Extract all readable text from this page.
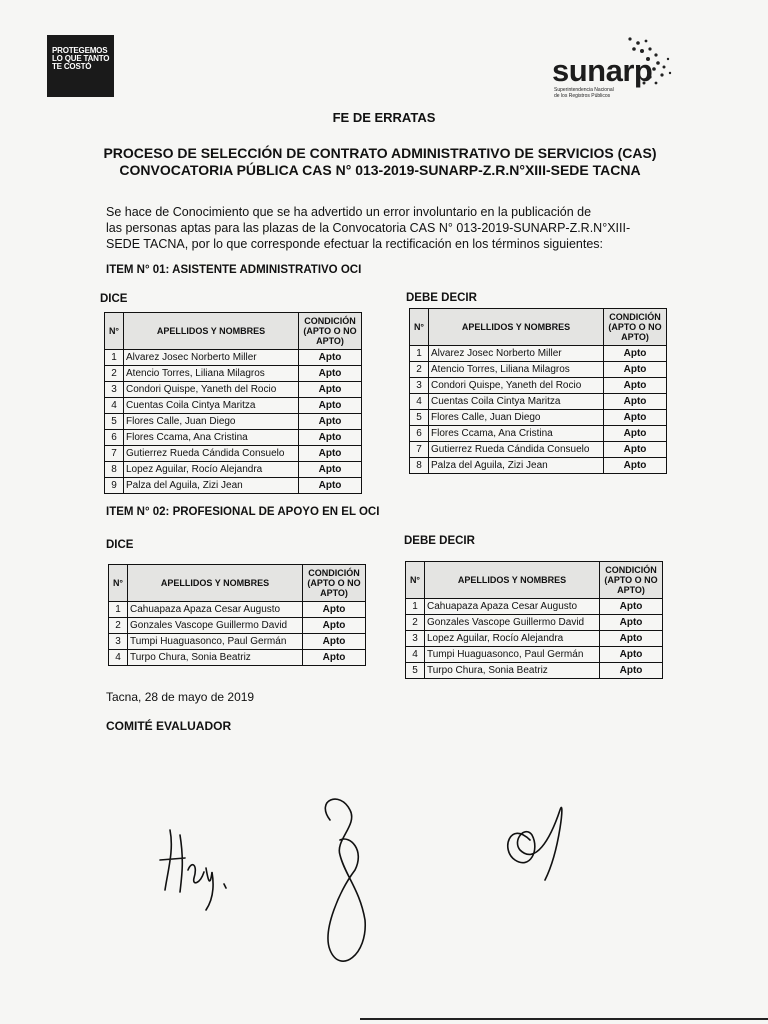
PROTEGEMOS
LO QUE TANTO
TE COSTÓ	sunarp
Superintendencia Nacional
de los Registros Públicos
FE DE ERRATAS
PROCESO DE SELECCIÓN DE CONTRATO ADMINISTRATIVO DE SERVICIOS (CAS)
CONVOCATORIA PÚBLICA CAS N° 013-2019-SUNARP-Z.R.N°XIII-SEDE TACNA
Se hace de Conocimiento que se ha advertido un error involuntario en la publicación de
las personas aptas para las plazas de la Convocatoria CAS N° 013-2019-SUNARP-Z.R.N°XIII-
SEDE TACNA, por lo que corresponde efectuar la rectificación en los términos siguientes:
ITEM N° 01: ASISTENTE ADMINISTRATIVO OCI
DICE	DEBE DECIR
N°	APELLIDOS Y NOMBRES	CONDICIÓN (APTO O NO APTO)
1	Alvarez Josec Norberto Miller	Apto
2	Atencio Torres, Liliana Milagros	Apto
3	Condori Quispe, Yaneth del Rocio	Apto
4	Cuentas Coila Cintya Maritza	Apto
5	Flores Calle, Juan Diego	Apto
6	Flores Ccama, Ana Cristina	Apto
7	Gutierrez Rueda Cándida Consuelo	Apto
8	Lopez Aguilar, Rocío Alejandra	Apto
9	Palza del Aguila, Zizi Jean	Apto
N°	APELLIDOS Y NOMBRES	CONDICIÓN (APTO O NO APTO)
1	Alvarez Josec Norberto Miller	Apto
2	Atencio Torres, Liliana Milagros	Apto
3	Condori Quispe, Yaneth del Rocio	Apto
4	Cuentas Coila Cintya Maritza	Apto
5	Flores Calle, Juan Diego	Apto
6	Flores Ccama, Ana Cristina	Apto
7	Gutierrez Rueda Cándida Consuelo	Apto
8	Palza del Aguila, Zizi Jean	Apto
ITEM N° 02: PROFESIONAL DE APOYO EN EL OCI
DICE	DEBE DECIR
N°	APELLIDOS Y NOMBRES	CONDICIÓN (APTO O NO APTO)
1	Cahuapaza Apaza Cesar Augusto	Apto
2	Gonzales Vascope Guillermo David	Apto
3	Tumpi Huaguasonco, Paul Germán	Apto
4	Turpo Chura, Sonia Beatriz	Apto
N°	APELLIDOS Y NOMBRES	CONDICIÓN (APTO O NO APTO)
1	Cahuapaza Apaza Cesar Augusto	Apto
2	Gonzales Vascope Guillermo David	Apto
3	Lopez Aguilar, Rocío Alejandra	Apto
4	Tumpi Huaguasonco, Paul Germán	Apto
5	Turpo Chura, Sonia Beatriz	Apto
Tacna, 28 de mayo de 2019
COMITÉ EVALUADOR
